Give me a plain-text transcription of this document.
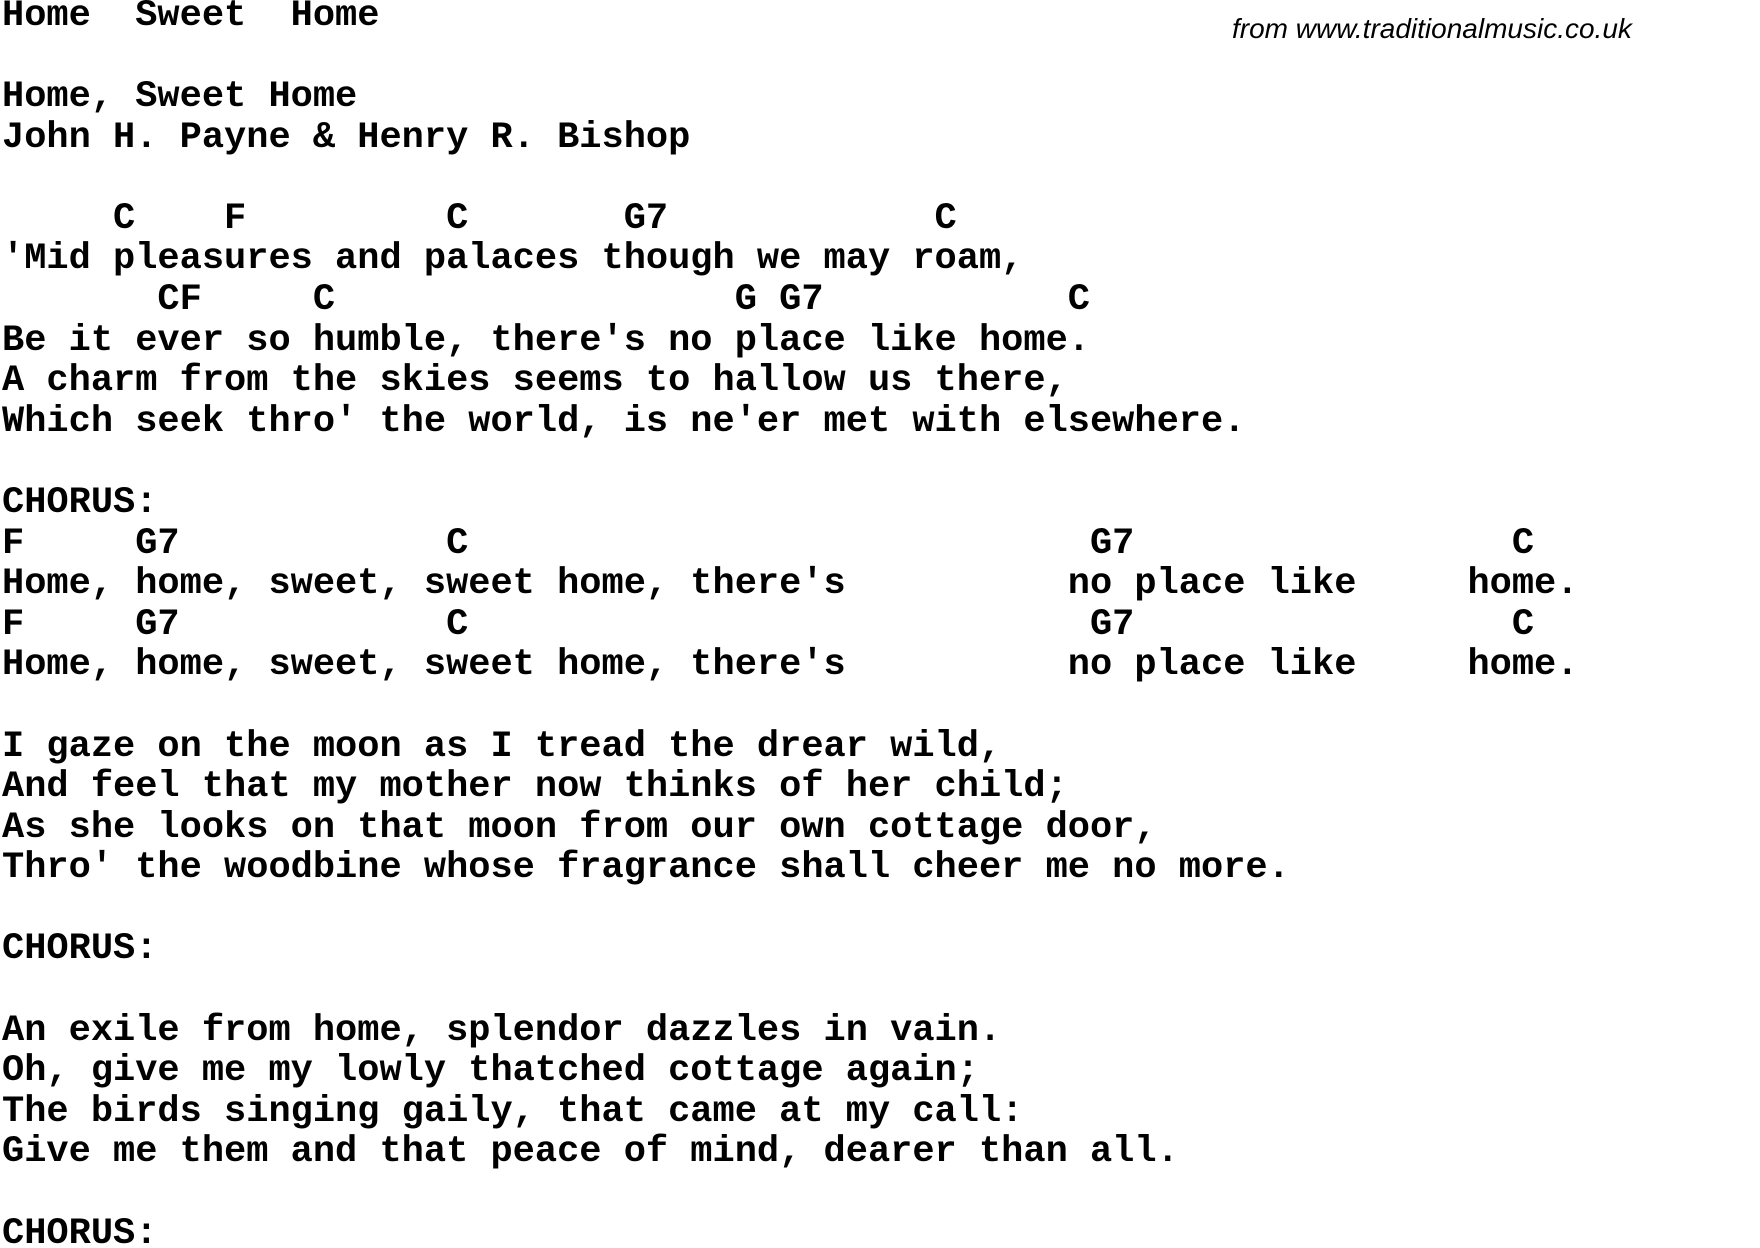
Home  Sweet  Home	from www.traditionalmusic.co.uk
Home, Sweet Home
John H. Payne & Henry R. Bishop
C    F         C       G7            C
'Mid pleasures and palaces though we may roam,
CF     C                  G G7           C
Be it ever so humble, there's no place like home.
A charm from the skies seems to hallow us there,
Which seek thro' the world, is ne'er met with elsewhere.
CHORUS:
F     G7            C                            G7                 C
Home, home, sweet, sweet home, there's          no place like     home.
F     G7            C                            G7                 C
Home, home, sweet, sweet home, there's          no place like     home.
I gaze on the moon as I tread the drear wild,
And feel that my mother now thinks of her child;
As she looks on that moon from our own cottage door,
Thro' the woodbine whose fragrance shall cheer me no more.
CHORUS:
An exile from home, splendor dazzles in vain.
Oh, give me my lowly thatched cottage again;
The birds singing gaily, that came at my call:
Give me them and that peace of mind, dearer than all.
CHORUS:
